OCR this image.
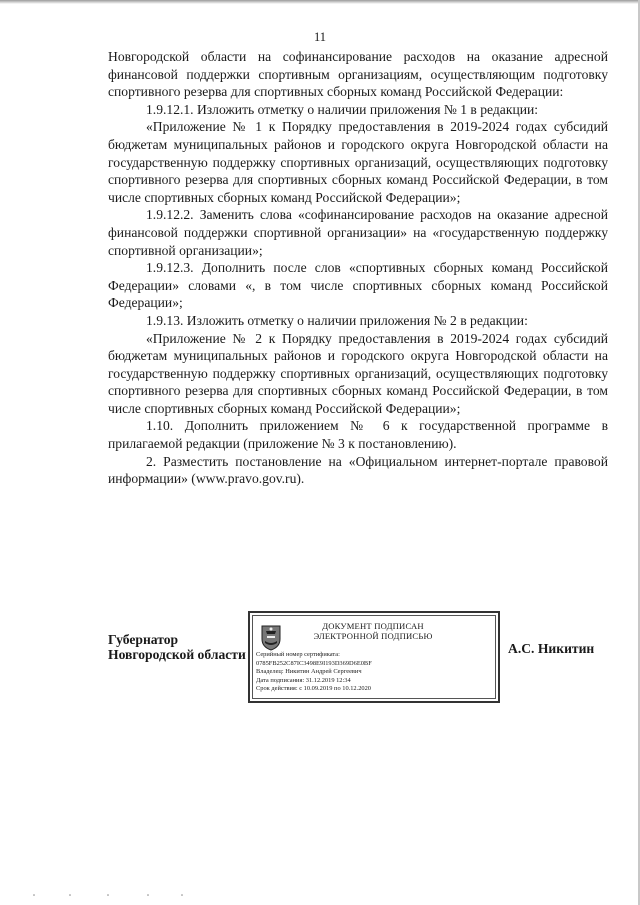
11

Новгородской области на софинансирование расходов на оказание адресной финансовой поддержки спортивным организациям, осуществляющим подготовку спортивного резерва для спортивных сборных команд Российской Федерации:

1.9.12.1. Изложить отметку о наличии приложения № 1 в редакции:

«Приложение № 1 к Порядку предоставления в 2019-2024 годах субсидий бюджетам муниципальных районов и городского округа Новгородской области на государственную поддержку спортивных организаций, осуществляющих подготовку спортивного резерва для спортивных сборных команд Российской Федерации, в том числе спортивных сборных команд Российской Федерации»;

1.9.12.2. Заменить слова «софинансирование расходов на оказание адресной финансовой поддержки спортивной организации» на «государственную поддержку спортивной организации»;

1.9.12.3. Дополнить после слов «спортивных сборных команд Российской Федерации» словами «, в том числе спортивных сборных команд Российской Федерации»;

1.9.13. Изложить отметку о наличии приложения № 2 в редакции:

«Приложение № 2 к Порядку предоставления в 2019-2024 годах субсидий бюджетам муниципальных районов и городского округа Новгородской области на государственную поддержку спортивных организаций, осуществляющих подготовку спортивного резерва для спортивных сборных команд Российской Федерации, в том числе спортивных сборных команд Российской Федерации»;

1.10. Дополнить приложением № 6 к государственной программе в прилагаемой редакции (приложение № 3 к постановлению).

2. Разместить постановление на «Официальном интернет-портале правовой информации» (www.pravo.gov.ru).

Губернатор
Новгородской области
ДОКУМЕНТ ПОДПИСАН
ЭЛЕКТРОННОЙ ПОДПИСЬЮ
Серийный номер сертификата:
0785FB252C87IC3498E9I193D369D6E0BF
Владелец: Никитин Андрей Сергеевич
Дата подписания: 31.12.2019 12:34
Срок действия: с 10.09.2019 по 10.12.2020
А.С. Никитин
